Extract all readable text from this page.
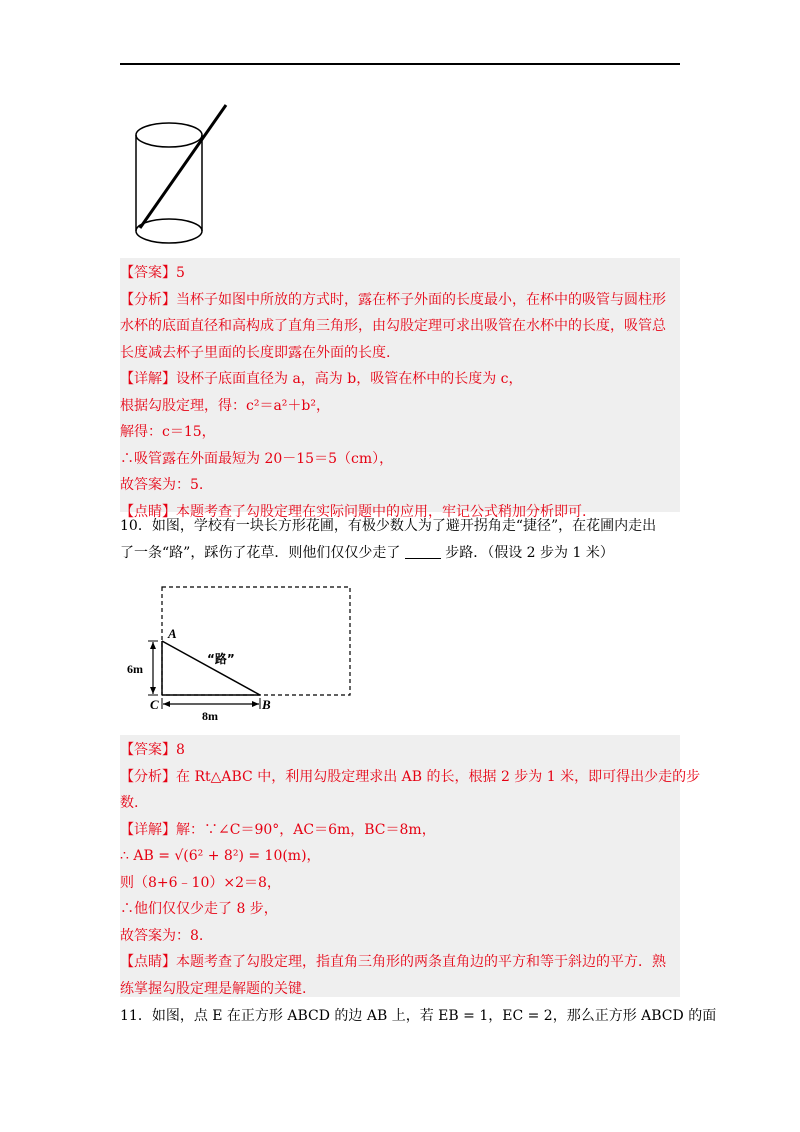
【答案】5

【分析】当杯子如图中所放的方式时，露在杯子外面的长度最小，在杯中的吸管与圆柱形

水杯的底面直径和高构成了直角三角形，由勾股定理可求出吸管在水杯中的长度，吸管总

长度减去杯子里面的长度即露在外面的长度.

【详解】设杯子底面直径为 a，高为 b，吸管在杯中的长度为 c，

根据勾股定理，得：c²＝a²＋b²，

解得：c＝15，

∴吸管露在外面最短为 20－15＝5（cm），

故答案为：5.

【点睛】本题考查了勾股定理在实际问题中的应用，牢记公式稍加分析即可.

10．如图，学校有一块长方形花圃，有极少数人为了避开拐角走“捷径”，在花圃内走出

了一条“路”，踩伤了花草．则他们仅仅少走了	步路．（假设 2 步为 1 米）

A
C	B
“路”
6m
8m

【答案】8

【分析】在 Rt△ABC 中，利用勾股定理求出 AB 的长，根据 2 步为 1 米，即可得出少走的步

数.

【详解】解：∵∠C＝90°，AC＝6m，BC＝8m，

∴ AB = √(6² + 8²) = 10(m)，

则（8+6﹣10）×2＝8，

∴他们仅仅少走了 8 步，

故答案为：8.

【点睛】本题考查了勾股定理，指直角三角形的两条直角边的平方和等于斜边的平方．熟

练掌握勾股定理是解题的关键.

11．如图，点 E 在正方形 ABCD 的边 AB 上，若 EB = 1，EC = 2，那么正方形 ABCD 的面
